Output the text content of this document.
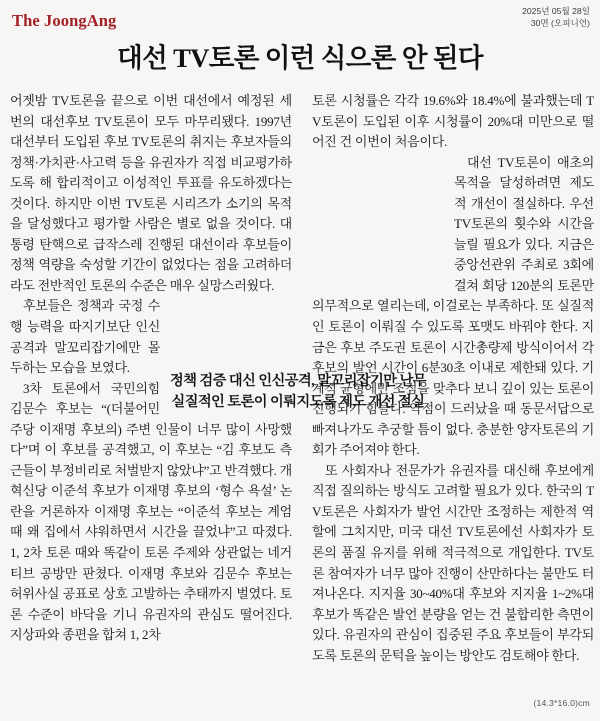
The JoongAng	2025년 05월 28일
30면 (오피니언)
대선 TV토론 이런 식으론 안 된다

어젯밤 TV토론을 끝으로 이번 대선에서 예정된 세 번의 대선후보 TV토론이 모두 마무리됐다. 1997년 대선부터 도입된 후보 TV토론의 취지는 후보자들의 정책·가치관·사고력 등을 유권자가 직접 비교평가하도록 해 합리적이고 이성적인 투표를 유도하겠다는 것이다. 하지만 이번 TV토론 시리즈가 소기의 목적을 달성했다고 평가할 사람은 별로 없을 것이다. 대통령 탄핵으로 급작스레 진행된 대선이라 후보들이 정책 역량을 숙성할 기간이 없었다는 점을 고려하더라도 전반적인 토론의 수준은 매우 실망스러웠다.

후보들은 정책과 국정 수행 능력을 따지기보단 인신공격과 말꼬리잡기에만 몰두하는 모습을 보였다.

3차 토론에서 국민의힘 김문수 후보는 “(더불어민주당 이재명 후보의) 주변 인물이 너무 많이 사망했다”며 이 후보를 공격했고, 이 후보는 “김 후보도 측근들이 부정비리로 처벌받지 않았냐”고 반격했다. 개혁신당 이준석 후보가 이재명 후보의 ‘형수 욕설’ 논란을 거론하자 이재명 후보는 “이준석 후보는 계엄 때 왜 집에서 샤워하면서 시간을 끌었냐”고 따졌다. 1, 2차 토론 때와 똑같이 토론 주제와 상관없는 네거티브 공방만 판쳤다. 이재명 후보와 김문수 후보는 허위사실 공표로 상호 고발하는 추태까지 벌였다. 토론 수준이 바닥을 기니 유권자의 관심도 떨어진다. 지상파와 종편을 합쳐 1, 2차

토론 시청률은 각각 19.6%와 18.4%에 불과했는데 TV토론이 도입된 이후 시청률이 20%대 미만으로 떨어진 건 이번이 처음이다.

대선 TV토론이 애초의 목적을 달성하려면 제도적 개선이 절실하다. 우선 TV토론의 횟수와 시간을 늘릴 필요가 있다. 지금은 중앙선관위 주최로 3회에 걸쳐 회당 120분의 토론만 의무적으로 열리는데, 이걸로는 부족하다. 또 실질적인 토론이 이뤄질 수 있도록 포맷도 바꿔야 한다. 지금은 후보 주도권 토론이 시간총량제 방식이어서 각 후보의 발언 시간이 6분30초 이내로 제한돼 있다. 기계적 균형에만 조점을 맞추다 보니 깊이 있는 토론이 진행되기 힘들다. 약점이 드러났을 때 동문서답으로 빠져나가도 추궁할 틈이 없다. 충분한 양자토론의 기회가 주어져야 한다.

또 사회자나 전문가가 유권자를 대신해 후보에게 직접 질의하는 방식도 고려할 필요가 있다. 한국의 TV토론은 사회자가 발언 시간만 조정하는 제한적 역할에 그치지만, 미국 대선 TV토론에선 사회자가 토론의 품질 유지를 위해 적극적으로 개입한다. TV토론 참여자가 너무 많아 진행이 산만하다는 불만도 터져나온다. 지지율 30~40%대 후보와 지지율 1~2%대 후보가 똑같은 발언 분량을 얻는 건 불합리한 측면이 있다. 유권자의 관심이 집중된 주요 후보들이 부각되도록 토론의 문턱을 높이는 방안도 검토해야 한다.

정책 검증 대신 인신공격, 말꼬리잡기만 난무
실질적인 토론이 이뤄지도록 제도 개선 절실
(14.3*16.0)cm
